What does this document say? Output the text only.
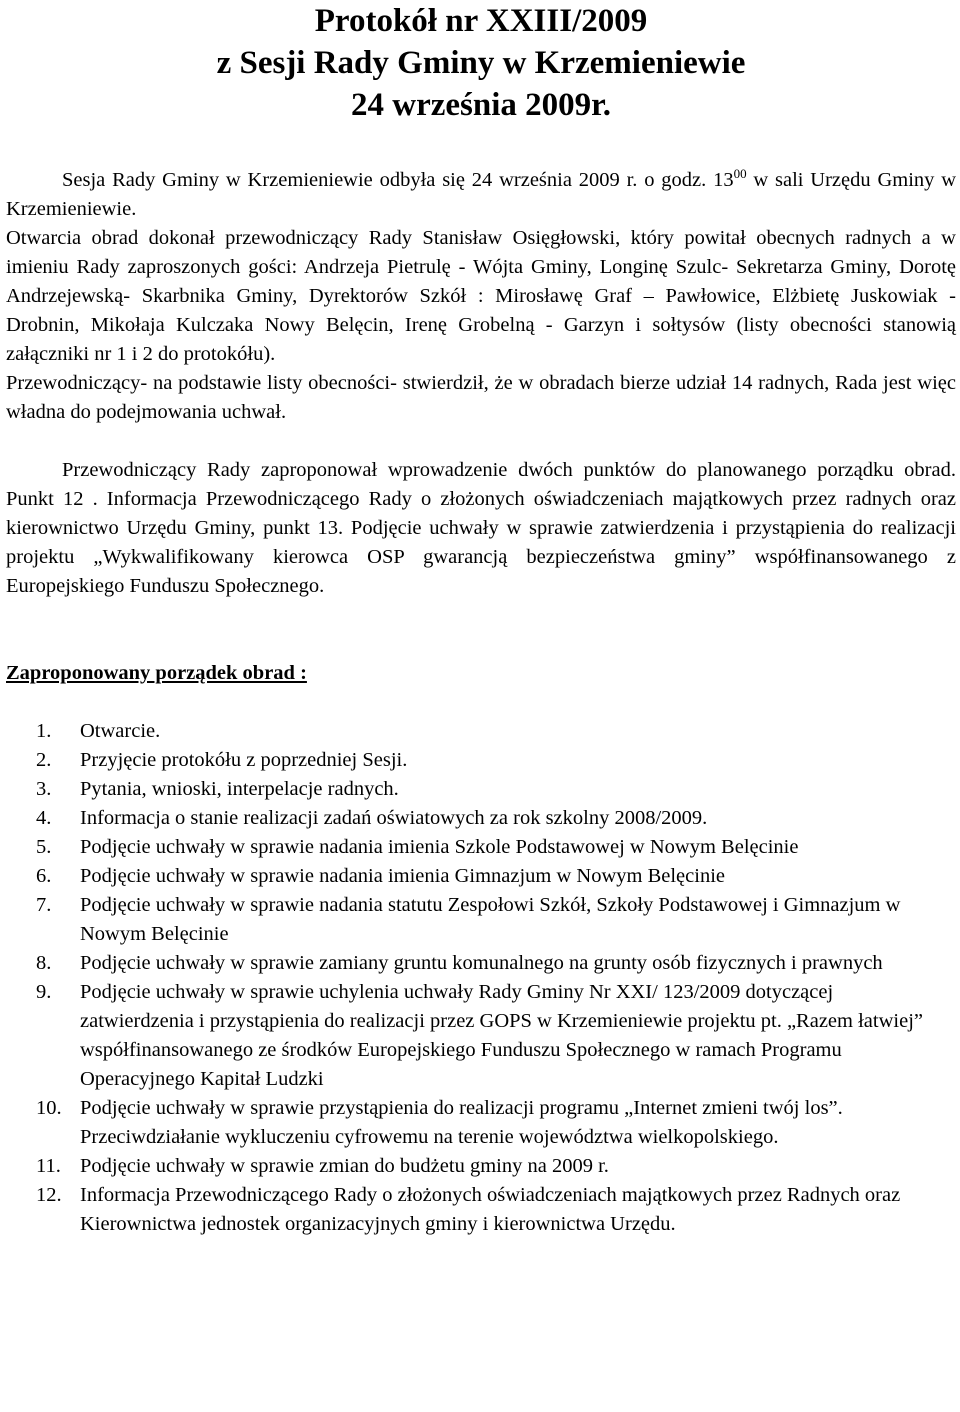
Protokół nr XXIII/2009
z Sesji Rady Gminy w Krzemieniewie
24 września 2009r.

Sesja Rady Gminy w Krzemieniewie odbyła się 24 września 2009 r. o godz. $13^{00}$ w sali Urzędu Gminy w Krzemieniewie.

Otwarcia obrad dokonał przewodniczący Rady Stanisław Osięgłowski, który powitał obecnych radnych a w imieniu Rady zaproszonych gości: Andrzeja Pietrulę - Wójta Gminy, Longinę Szulc- Sekretarza Gminy, Dorotę Andrzejewską- Skarbnika Gminy, Dyrektorów Szkół : Mirosławę Graf – Pawłowice, Elżbietę Juskowiak - Drobnin, Mikołaja Kulczaka Nowy Belęcin, Irenę Grobelną - Garzyn i sołtysów (listy obecności stanowią załączniki nr 1 i 2 do protokółu).

Przewodniczący- na podstawie listy obecności- stwierdził, że w obradach bierze udział 14 radnych, Rada jest więc władna do podejmowania uchwał.

Przewodniczący Rady zaproponował wprowadzenie dwóch punktów do planowanego porządku obrad. Punkt 12 . Informacja Przewodniczącego Rady o złożonych oświadczeniach majątkowych przez radnych oraz kierownictwo Urzędu Gminy, punkt 13. Podjęcie uchwały w sprawie zatwierdzenia i przystąpienia do realizacji projektu „Wykwalifikowany kierowca OSP gwarancją bezpieczeństwa gminy” współfinansowanego z Europejskiego Funduszu Społecznego.

Zaproponowany porządek obrad :

1.	Otwarcie.
2.	Przyjęcie protokółu z poprzedniej Sesji.
3.	Pytania, wnioski, interpelacje radnych.
4.	Informacja o stanie realizacji zadań oświatowych za rok szkolny 2008/2009.
5.	Podjęcie uchwały w sprawie nadania imienia Szkole Podstawowej w Nowym Belęcinie
6.	Podjęcie uchwały w sprawie nadania imienia Gimnazjum w Nowym Belęcinie
7.	Podjęcie uchwały w sprawie nadania statutu Zespołowi Szkół, Szkoły Podstawowej i Gimnazjum w Nowym Belęcinie
8.	Podjęcie uchwały w sprawie zamiany gruntu komunalnego na grunty osób fizycznych i prawnych
9.	Podjęcie uchwały w sprawie uchylenia uchwały Rady Gminy Nr XXI/ 123/2009 dotyczącej zatwierdzenia i przystąpienia do realizacji przez GOPS w Krzemieniewie projektu pt. „Razem łatwiej” współfinansowanego ze środków Europejskiego Funduszu Społecznego w ramach Programu Operacyjnego Kapitał Ludzki
10. Podjęcie uchwały w sprawie przystąpienia do realizacji programu „Internet zmieni twój los”. Przeciwdziałanie wykluczeniu cyfrowemu na terenie województwa wielkopolskiego.
11. Podjęcie uchwały w sprawie zmian do budżetu gminy na 2009 r.
12. Informacja Przewodniczącego Rady o złożonych oświadczeniach majątkowych przez Radnych oraz Kierownictwa jednostek organizacyjnych gminy i kierownictwa Urzędu.
